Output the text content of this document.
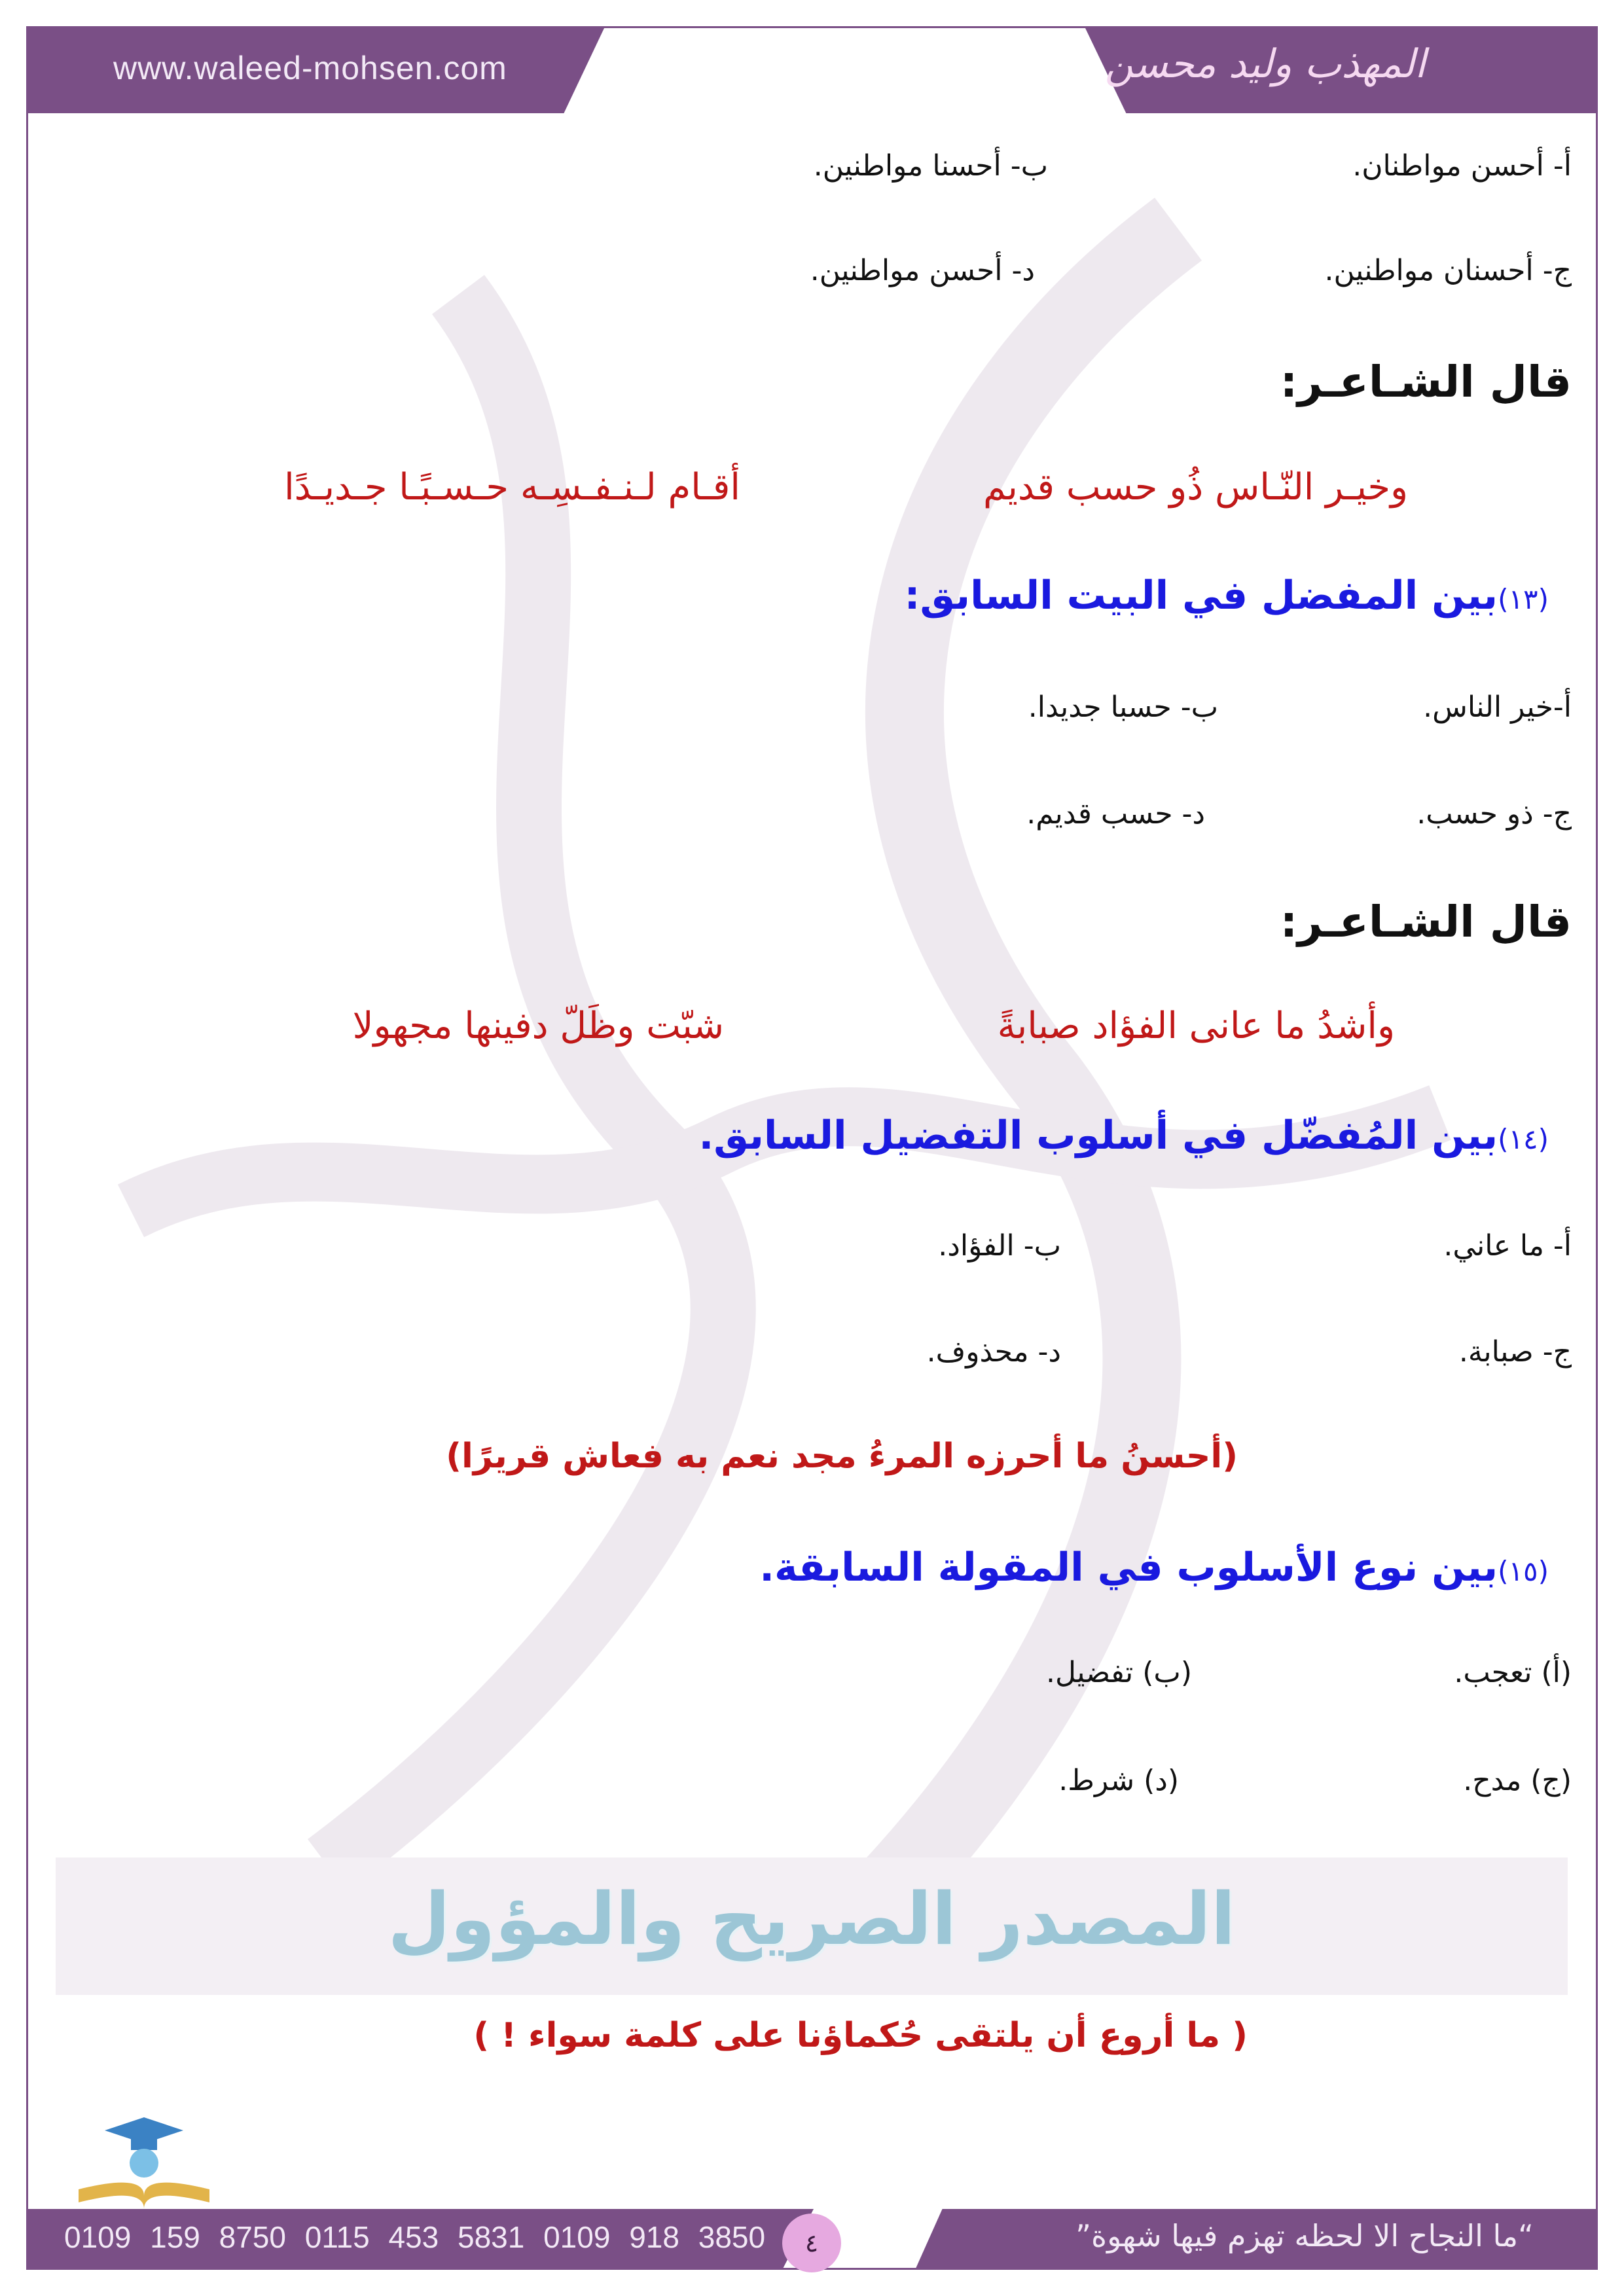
www.waleed-mohsen.com	المهذب وليد محسن
أ- أحسن مواطنان.
ب- أحسنا مواطنين.
ج- أحسنان مواطنين.
د- أحسن مواطنين.
قال الشـاعـر:
وخيـر النّـاس ذُو حسب قديم
أقـام لـنـفـسِـه حـسـبًـا جـديـدًا
(١٣)بين المفضل في البيت السابق:
أ-خير الناس.
ب- حسبا جديدا.
ج- ذو حسب.
د- حسب قديم.
قال الشـاعـر:
وأشدُ ما عانى الفؤاد صبابةً
شبّت وظَلّ دفينها مجهولا
(١٤)بين المُفضّل في أسلوب التفضيل السابق.
أ- ما عاني.
ب- الفؤاد.
ج- صبابة.
د- محذوف.
(أحسنُ ما أحرزه المرءُ مجد نعم به فعاش قريرًا)
(١٥)بين نوع الأسلوب في المقولة السابقة.
(أ) تعجب.
(ب) تفضيل.
(ج) مدح.
(د) شرط.
المصدر الصريح والمؤول
( ما أروع أن يلتقى حُكماؤنا على كلمة سواء ! )
0109 159 8750 0115 453 5831 0109 918 3850	“ما النجاح الا لحظه تهزم فيها شهوة”
٤
